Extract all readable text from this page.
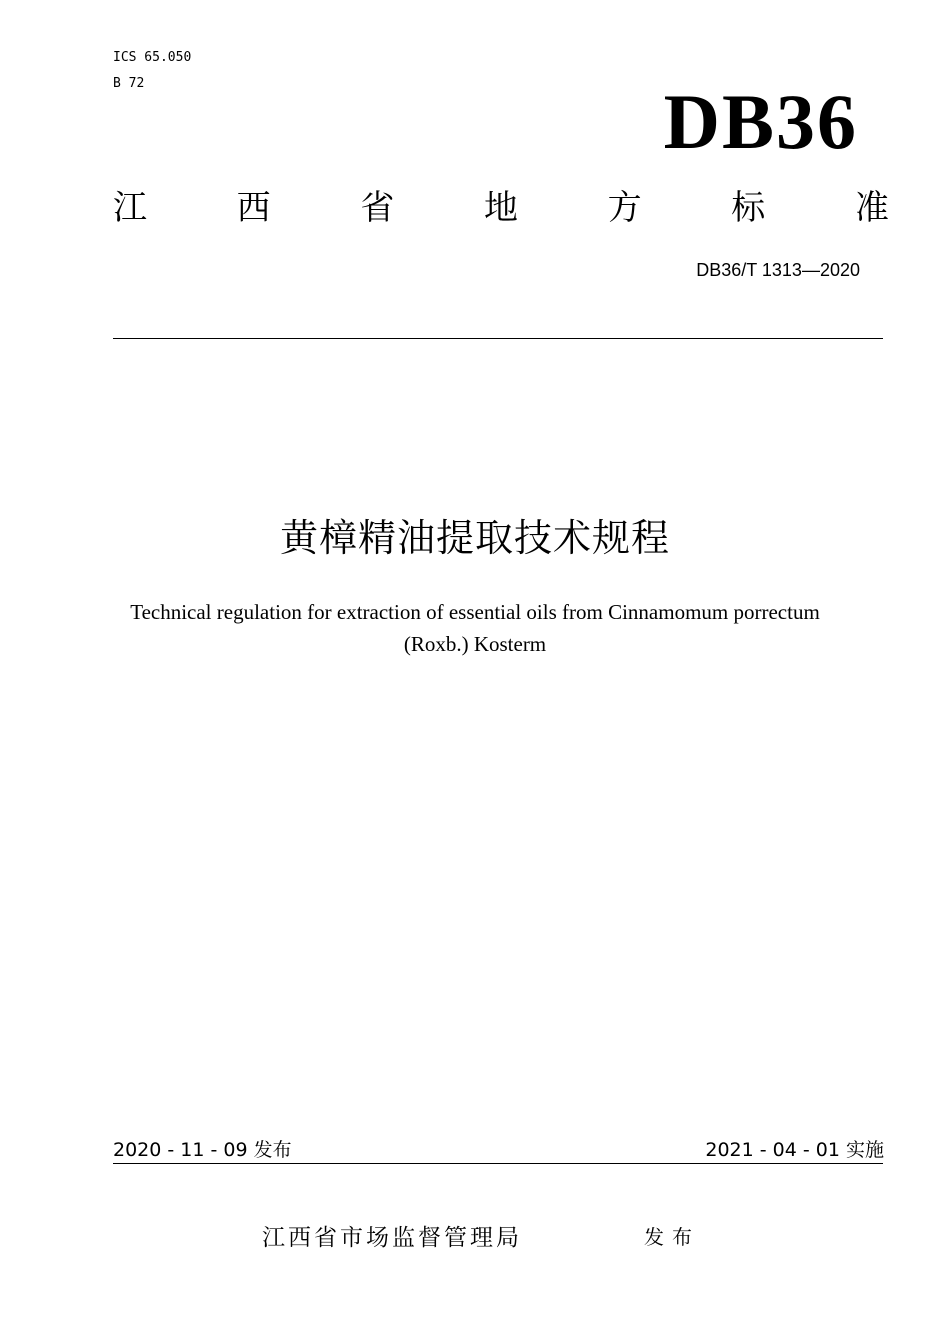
ICS 65.050
B 72	DB36
江	西	省	地	方	标	准
DB36/T 1313—2020
黄樟精油提取技术规程
Technical regulation for extraction of essential oils from Cinnamomum porrectum
(Roxb.) Kosterm
2020 - 11 - 09 发布	2021 - 04 - 01 实施
江西省市场监督管理局	发布
